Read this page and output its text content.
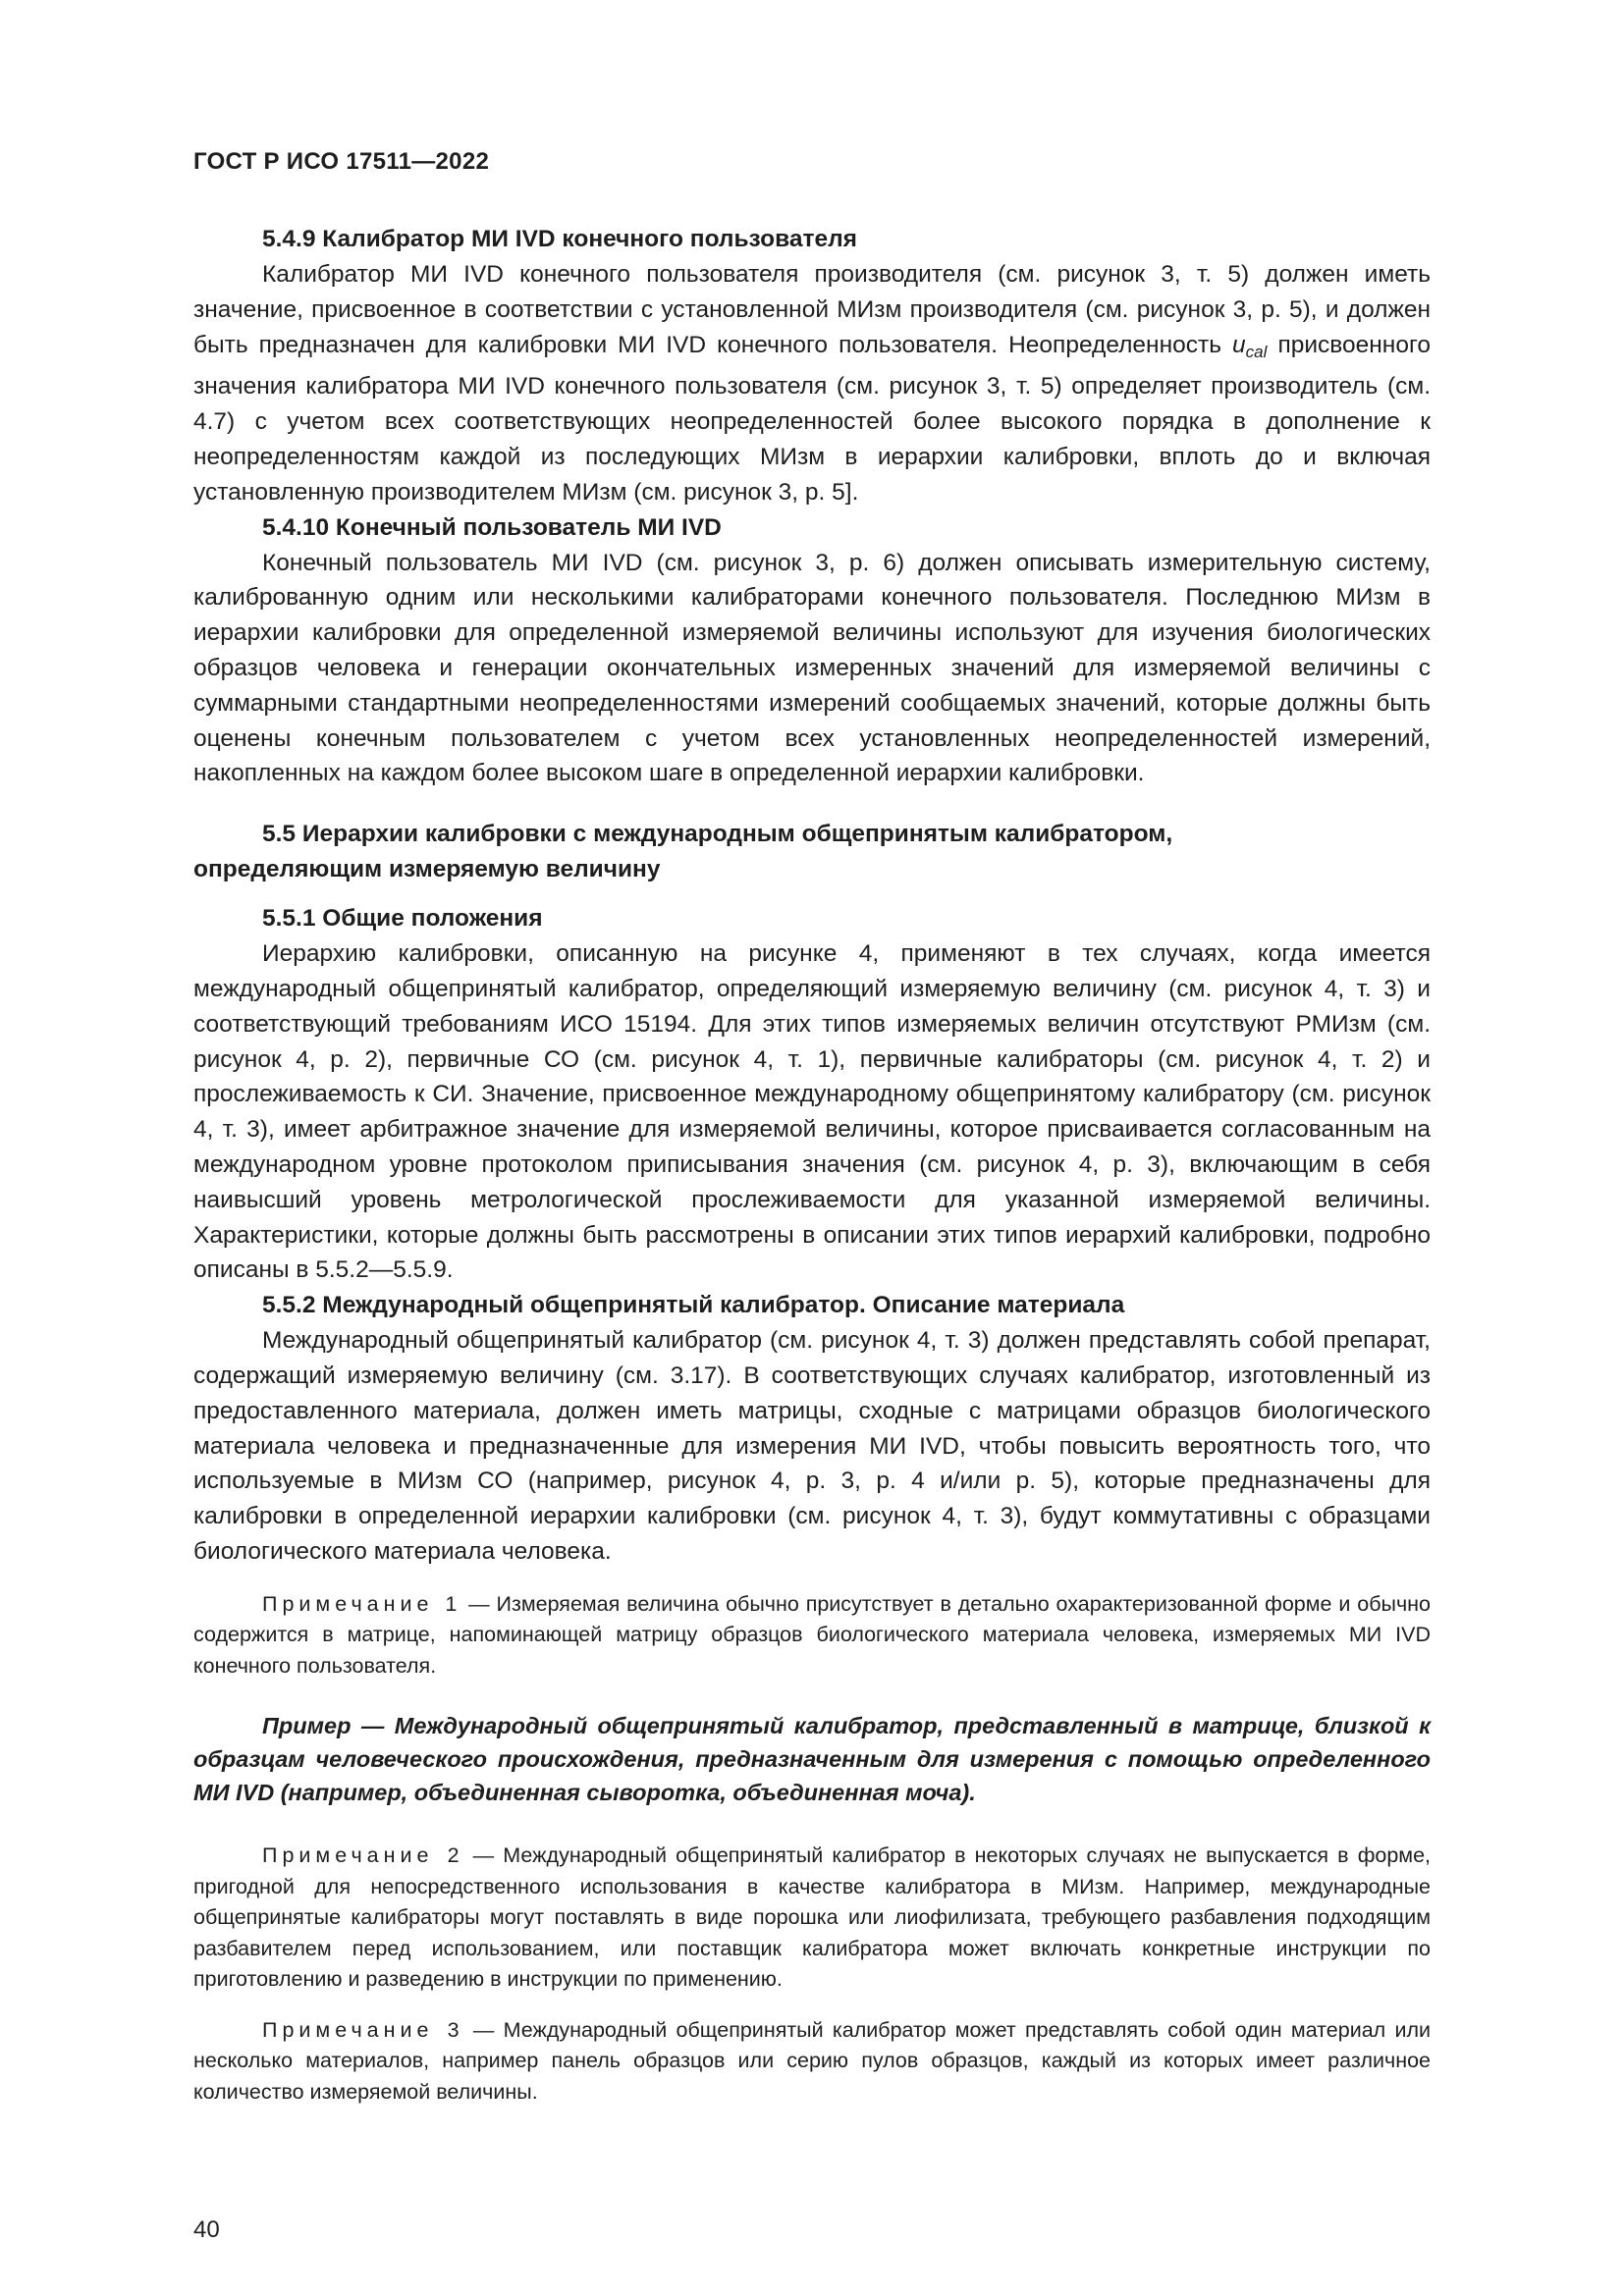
ГОСТ Р ИСО 17511—2022

5.4.9 Калибратор МИ IVD конечного пользователя

Калибратор МИ IVD конечного пользователя производителя (см. рисунок 3, т. 5) должен иметь значение, присвоенное в соответствии с установленной МИзм производителя (см. рисунок 3, р. 5), и должен быть предназначен для калибровки МИ IVD конечного пользователя. Неопределенность $u_{cal}$ присвоенного значения калибратора МИ IVD конечного пользователя (см. рисунок 3, т. 5) определяет производитель (см. 4.7) с учетом всех соответствующих неопределенностей более высокого порядка в дополнение к неопределенностям каждой из последующих МИзм в иерархии калибровки, вплоть до и включая установленную производителем МИзм (см. рисунок 3, р. 5].

5.4.10 Конечный пользователь МИ IVD

Конечный пользователь МИ IVD (см. рисунок 3, р. 6) должен описывать измерительную систему, калиброванную одним или несколькими калибраторами конечного пользователя. Последнюю МИзм в иерархии калибровки для определенной измеряемой величины используют для изучения биологических образцов человека и генерации окончательных измеренных значений для измеряемой величины с суммарными стандартными неопределенностями измерений сообщаемых значений, которые должны быть оценены конечным пользователем с учетом всех установленных неопределенностей измерений, накопленных на каждом более высоком шаге в определенной иерархии калибровки.

5.5 Иерархии калибровки с международным общепринятым калибратором,
определяющим измеряемую величину

5.5.1 Общие положения

Иерархию калибровки, описанную на рисунке 4, применяют в тех случаях, когда имеется международный общепринятый калибратор, определяющий измеряемую величину (см. рисунок 4, т. 3) и соответствующий требованиям ИСО 15194. Для этих типов измеряемых величин отсутствуют РМИзм (см. рисунок 4, р. 2), первичные СО (см. рисунок 4, т. 1), первичные калибраторы (см. рисунок 4, т. 2) и прослеживаемость к СИ. Значение, присвоенное международному общепринятому калибратору (см. рисунок 4, т. 3), имеет арбитражное значение для измеряемой величины, которое присваивается согласованным на международном уровне протоколом приписывания значения (см. рисунок 4, р. 3), включающим в себя наивысший уровень метрологической прослеживаемости для указанной измеряемой величины. Характеристики, которые должны быть рассмотрены в описании этих типов иерархий калибровки, подробно описаны в 5.5.2—5.5.9.

5.5.2 Международный общепринятый калибратор. Описание материала

Международный общепринятый калибратор (см. рисунок 4, т. 3) должен представлять собой препарат, содержащий измеряемую величину (см. 3.17). В соответствующих случаях калибратор, изготовленный из предоставленного материала, должен иметь матрицы, сходные с матрицами образцов биологического материала человека и предназначенные для измерения МИ IVD, чтобы повысить вероятность того, что используемые в МИзм СО (например, рисунок 4, р. 3, р. 4 и/или р. 5), которые предназначены для калибровки в определенной иерархии калибровки (см. рисунок 4, т. 3), будут коммутативны с образцами биологического материала человека.

Примечание 1 — Измеряемая величина обычно присутствует в детально охарактеризованной форме и обычно содержится в матрице, напоминающей матрицу образцов биологического материала человека, измеряемых МИ IVD конечного пользователя.

Пример — Международный общепринятый калибратор, представленный в матрице, близкой к образцам человеческого происхождения, предназначенным для измерения с помощью определенного МИ IVD (например, объединенная сыворотка, объединенная моча).

Примечание 2 — Международный общепринятый калибратор в некоторых случаях не выпускается в форме, пригодной для непосредственного использования в качестве калибратора в МИзм. Например, международные общепринятые калибраторы могут поставлять в виде порошка или лиофилизата, требующего разбавления подходящим разбавителем перед использованием, или поставщик калибратора может включать конкретные инструкции по приготовлению и разведению в инструкции по применению.

Примечание 3 — Международный общепринятый калибратор может представлять собой один материал или несколько материалов, например панель образцов или серию пулов образцов, каждый из которых имеет различное количество измеряемой величины.

40
